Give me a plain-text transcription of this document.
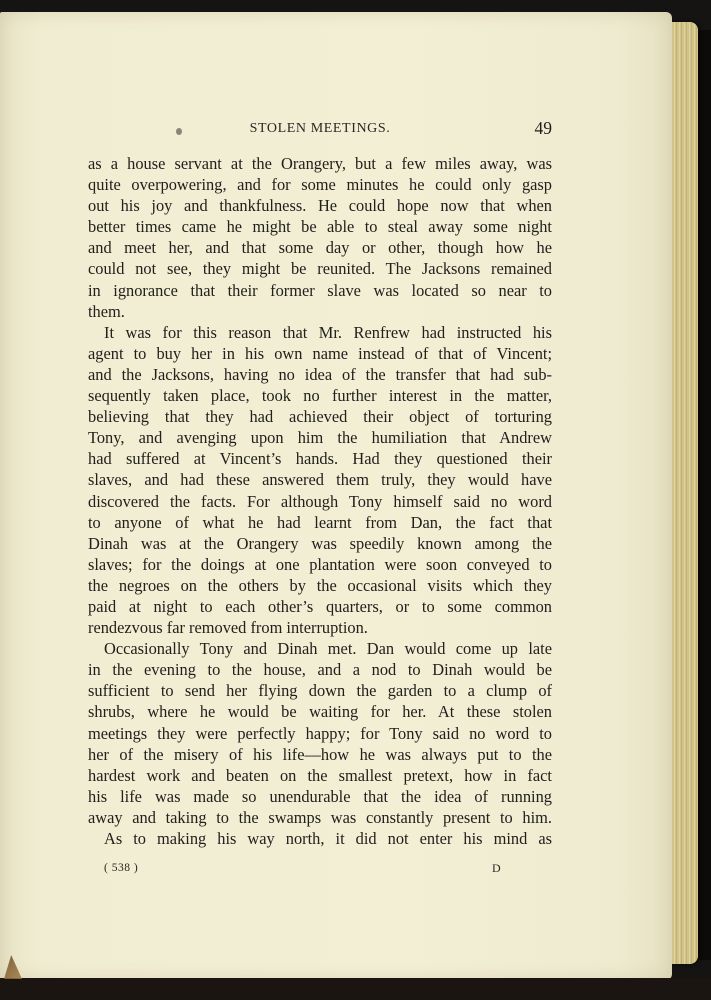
STOLEN MEETINGS.	49
as a house servant at the Orangery, but a few miles away, was
quite overpowering, and for some minutes he could only gasp
out his joy and thankfulness. He could hope now that when
better times came he might be able to steal away some night
and meet her, and that some day or other, though how he
could not see, they might be reunited. The Jacksons remained
in ignorance that their former slave was located so near to
them.
It was for this reason that Mr. Renfrew had instructed his
agent to buy her in his own name instead of that of Vincent;
and the Jacksons, having no idea of the transfer that had sub-
sequently taken place, took no further interest in the matter,
believing that they had achieved their object of torturing
Tony, and avenging upon him the humiliation that Andrew
had suffered at Vincent’s hands. Had they questioned their
slaves, and had these answered them truly, they would have
discovered the facts. For although Tony himself said no word
to anyone of what he had learnt from Dan, the fact that
Dinah was at the Orangery was speedily known among the
slaves; for the doings at one plantation were soon conveyed to
the negroes on the others by the occasional visits which they
paid at night to each other’s quarters, or to some common
rendezvous far removed from interruption.
Occasionally Tony and Dinah met. Dan would come up late
in the evening to the house, and a nod to Dinah would be
sufficient to send her flying down the garden to a clump of
shrubs, where he would be waiting for her. At these stolen
meetings they were perfectly happy; for Tony said no word to
her of the misery of his life—how he was always put to the
hardest work and beaten on the smallest pretext, how in fact
his life was made so unendurable that the idea of running
away and taking to the swamps was constantly present to him.
As to making his way north, it did not enter his mind as
( 538 )	D
